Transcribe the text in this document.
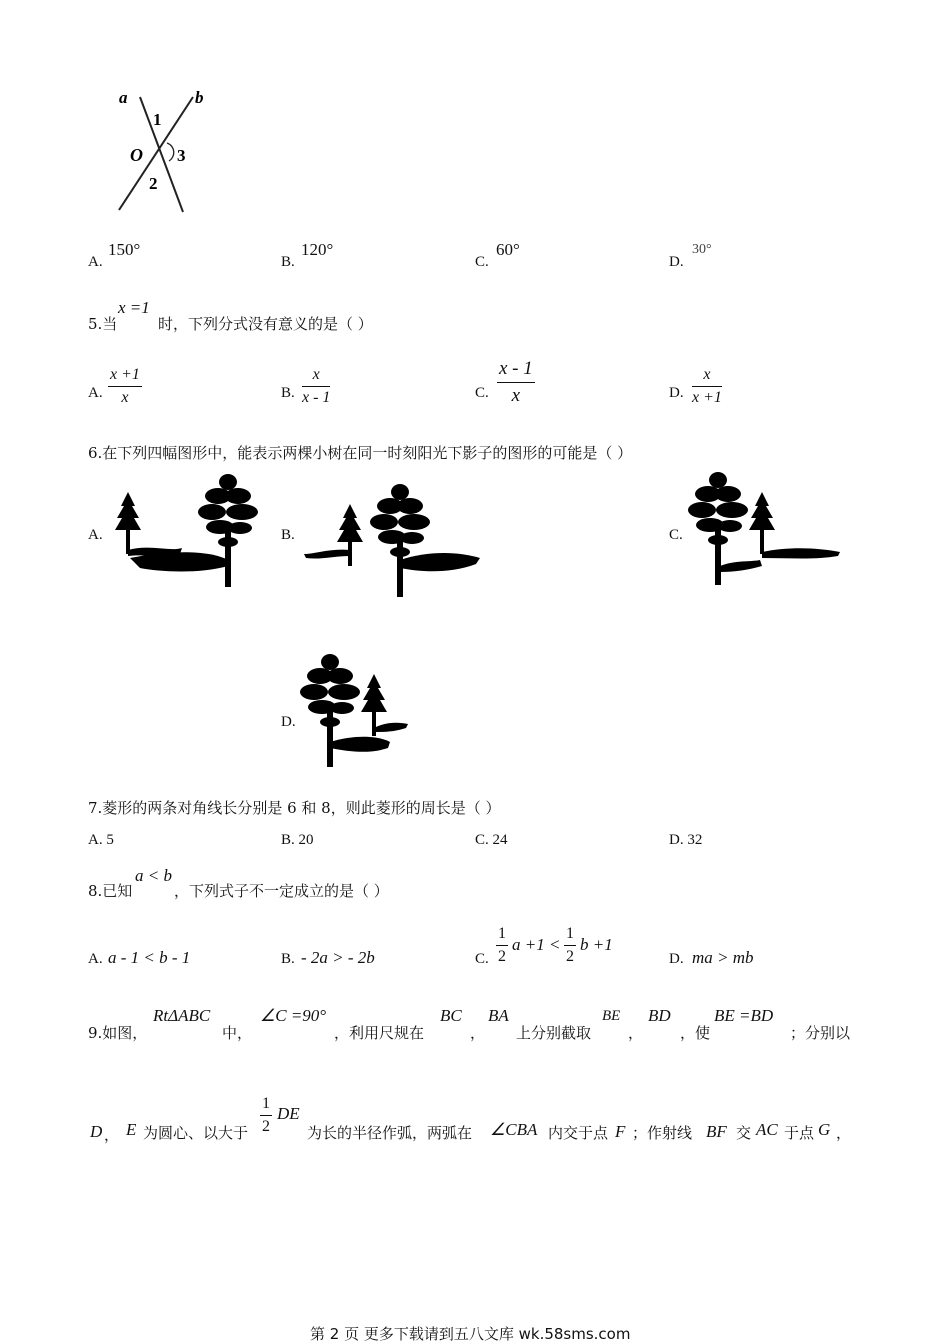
a	b
1
O 3
2
A.
150°
B.
120°
C.
60°
D.
30°
5.当
x =1
时，下列分式没有意义的是（ ）
A. $\frac{x +1}{x}$	B. $\frac{x}{x - 1}$	C. $\frac{x - 1}{x}$	D. $\frac{x}{x +1}$
6.在下列四幅图形中，能表示两棵小树在同一时刻阳光下影子的图形的可能是（ ）
A.	B.	C.
D.
7.菱形的两条对角线长分别是 6 和 8，则此菱形的周长是（ ）
A. 5	B. 20	C. 24	D. 32
8.已知
a < b
，下列式子不一定成立的是（ ）
A. a - 1 < b - 1	B. - 2a > - 2b	C. $\frac{1}{2}$ $a +1 < \frac{1}{2}$ b +1
D. ma > mb
9.如图，
RtΔABC
中，
∠C =90°
，利用尺规在
BC
，
BA
上分别截取
BE
，
BD
，使
BE =BD
；分别以
D ， E 为圆心、以大于 $\frac{1}{2}$ DE
为长的半径作弧，两弧在 ∠CBA 内交于点 F ；作射线 BF 交 AC 于点 G ，
第 2 页 更多下载请到五八文库 wk.58sms.com
